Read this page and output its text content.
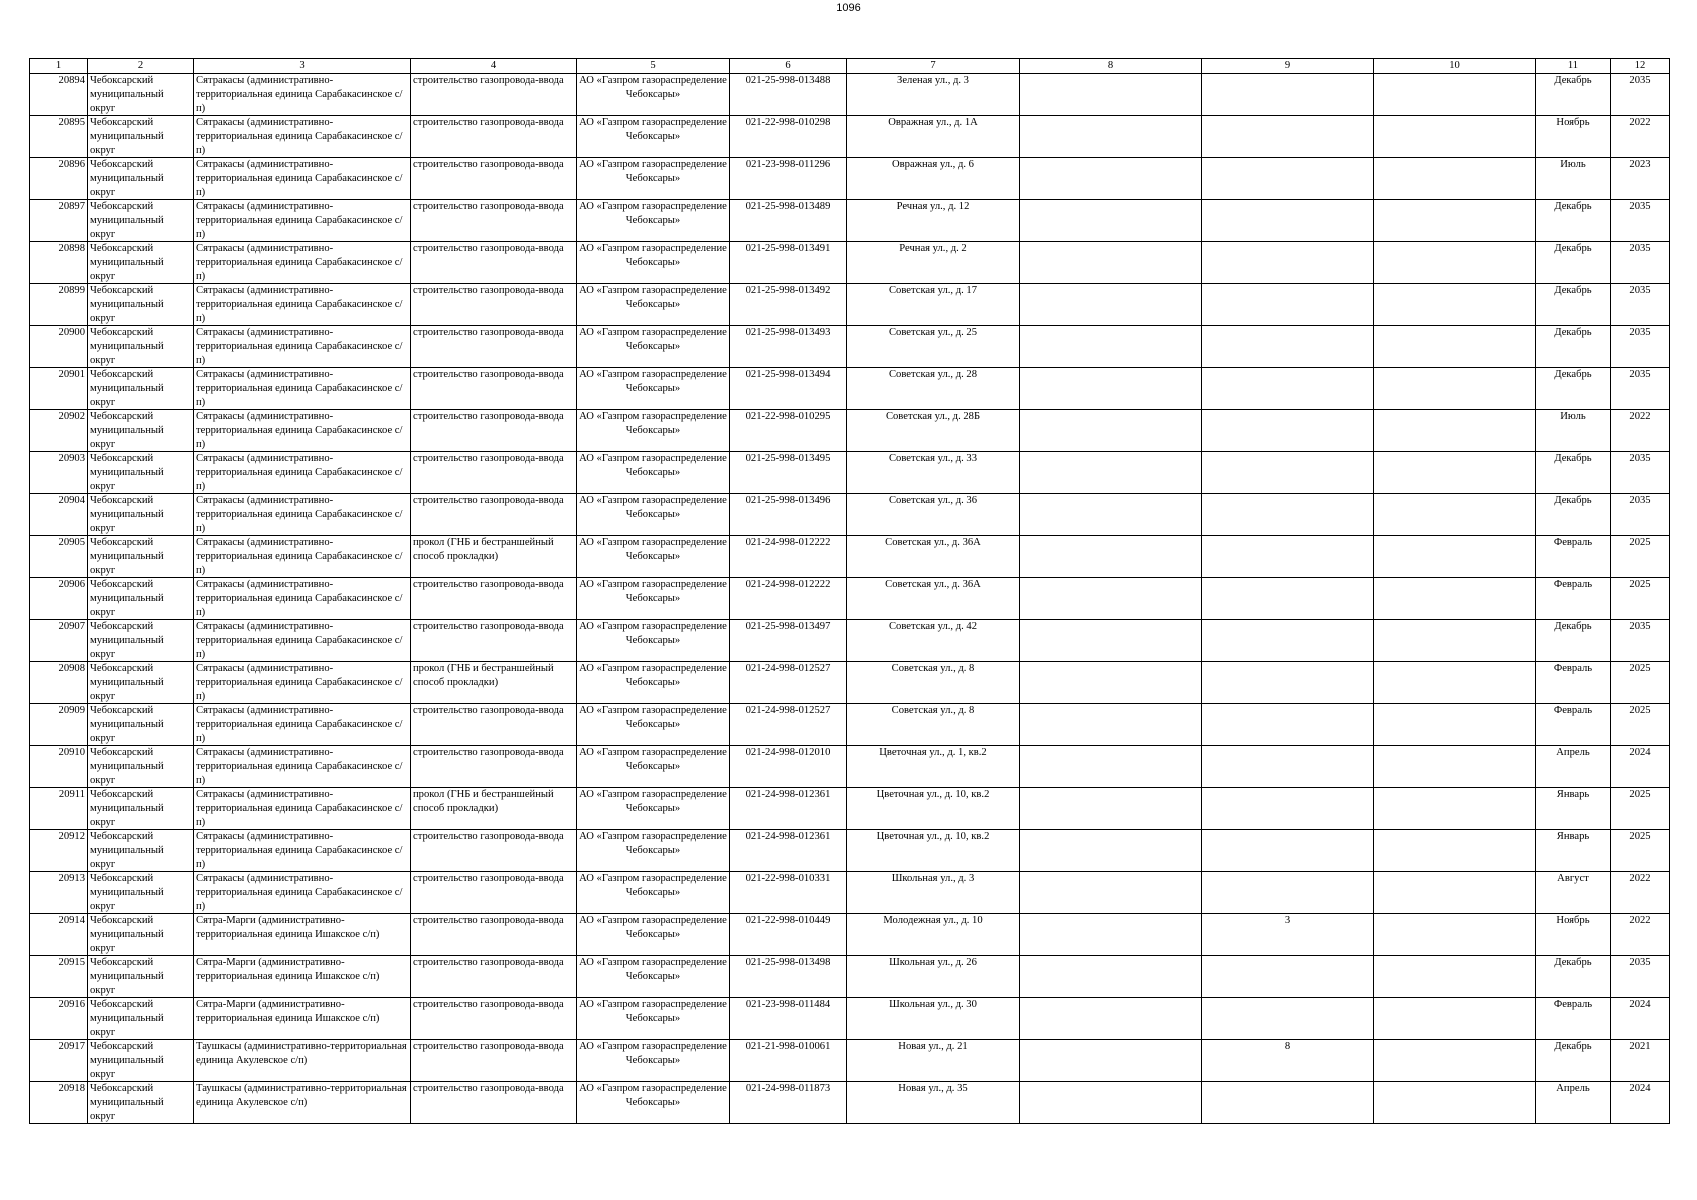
1096
1	2	3	4	5	6	7	8	9	10	11	12

20894	Чебоксарский муниципальный округ	Сятракасы (административно-территориальная единица Сарабакасинское с/п)	строительство газопровода-ввода	АО «Газпром газораспределение Чебоксары»	021-25-998-013488	Зеленая ул., д. 3				Декабрь	2035

20895	Чебоксарский муниципальный округ	Сятракасы (административно-территориальная единица Сарабакасинское с/п)	строительство газопровода-ввода	АО «Газпром газораспределение Чебоксары»	021-22-998-010298	Овражная ул., д. 1А				Ноябрь	2022

20896	Чебоксарский муниципальный округ	Сятракасы (административно-территориальная единица Сарабакасинское с/п)	строительство газопровода-ввода	АО «Газпром газораспределение Чебоксары»	021-23-998-011296	Овражная ул., д. 6				Июль	2023

20897	Чебоксарский муниципальный округ	Сятракасы (административно-территориальная единица Сарабакасинское с/п)	строительство газопровода-ввода	АО «Газпром газораспределение Чебоксары»	021-25-998-013489	Речная ул., д. 12				Декабрь	2035

20898	Чебоксарский муниципальный округ	Сятракасы (административно-территориальная единица Сарабакасинское с/п)	строительство газопровода-ввода	АО «Газпром газораспределение Чебоксары»	021-25-998-013491	Речная ул., д. 2				Декабрь	2035

20899	Чебоксарский муниципальный округ	Сятракасы (административно-территориальная единица Сарабакасинское с/п)	строительство газопровода-ввода	АО «Газпром газораспределение Чебоксары»	021-25-998-013492	Советская ул., д. 17				Декабрь	2035

20900	Чебоксарский муниципальный округ	Сятракасы (административно-территориальная единица Сарабакасинское с/п)	строительство газопровода-ввода	АО «Газпром газораспределение Чебоксары»	021-25-998-013493	Советская ул., д. 25				Декабрь	2035

20901	Чебоксарский муниципальный округ	Сятракасы (административно-территориальная единица Сарабакасинское с/п)	строительство газопровода-ввода	АО «Газпром газораспределение Чебоксары»	021-25-998-013494	Советская ул., д. 28				Декабрь	2035

20902	Чебоксарский муниципальный округ	Сятракасы (административно-территориальная единица Сарабакасинское с/п)	строительство газопровода-ввода	АО «Газпром газораспределение Чебоксары»	021-22-998-010295	Советская ул., д. 28Б				Июль	2022

20903	Чебоксарский муниципальный округ	Сятракасы (административно-территориальная единица Сарабакасинское с/п)	строительство газопровода-ввода	АО «Газпром газораспределение Чебоксары»	021-25-998-013495	Советская ул., д. 33				Декабрь	2035

20904	Чебоксарский муниципальный округ	Сятракасы (административно-территориальная единица Сарабакасинское с/п)	строительство газопровода-ввода	АО «Газпром газораспределение Чебоксары»	021-25-998-013496	Советская ул., д. 36				Декабрь	2035

20905	Чебоксарский муниципальный округ	Сятракасы (административно-территориальная единица Сарабакасинское с/п)	прокол (ГНБ и бестраншейный способ прокладки)	АО «Газпром газораспределение Чебоксары»	021-24-998-012222	Советская ул., д. 36А				Февраль	2025

20906	Чебоксарский муниципальный округ	Сятракасы (административно-территориальная единица Сарабакасинское с/п)	строительство газопровода-ввода	АО «Газпром газораспределение Чебоксары»	021-24-998-012222	Советская ул., д. 36А				Февраль	2025

20907	Чебоксарский муниципальный округ	Сятракасы (административно-территориальная единица Сарабакасинское с/п)	строительство газопровода-ввода	АО «Газпром газораспределение Чебоксары»	021-25-998-013497	Советская ул., д. 42				Декабрь	2035

20908	Чебоксарский муниципальный округ	Сятракасы (административно-территориальная единица Сарабакасинское с/п)	прокол (ГНБ и бестраншейный способ прокладки)	АО «Газпром газораспределение Чебоксары»	021-24-998-012527	Советская ул., д. 8				Февраль	2025

20909	Чебоксарский муниципальный округ	Сятракасы (административно-территориальная единица Сарабакасинское с/п)	строительство газопровода-ввода	АО «Газпром газораспределение Чебоксары»	021-24-998-012527	Советская ул., д. 8				Февраль	2025

20910	Чебоксарский муниципальный округ	Сятракасы (административно-территориальная единица Сарабакасинское с/п)	строительство газопровода-ввода	АО «Газпром газораспределение Чебоксары»	021-24-998-012010	Цветочная ул., д. 1, кв.2				Апрель	2024

20911	Чебоксарский муниципальный округ	Сятракасы (административно-территориальная единица Сарабакасинское с/п)	прокол (ГНБ и бестраншейный способ прокладки)	АО «Газпром газораспределение Чебоксары»	021-24-998-012361	Цветочная ул., д. 10, кв.2				Январь	2025

20912	Чебоксарский муниципальный округ	Сятракасы (административно-территориальная единица Сарабакасинское с/п)	строительство газопровода-ввода	АО «Газпром газораспределение Чебоксары»	021-24-998-012361	Цветочная ул., д. 10, кв.2				Январь	2025

20913	Чебоксарский муниципальный округ	Сятракасы (административно-территориальная единица Сарабакасинское с/п)	строительство газопровода-ввода	АО «Газпром газораспределение Чебоксары»	021-22-998-010331	Школьная ул., д. 3				Август	2022

20914	Чебоксарский муниципальный округ	Сятра-Марги (административно-территориальная единица Ишакское с/п)	строительство газопровода-ввода	АО «Газпром газораспределение Чебоксары»	021-22-998-010449	Молодежная ул., д. 10		3		Ноябрь	2022

20915	Чебоксарский муниципальный округ	Сятра-Марги (административно-территориальная единица Ишакское с/п)	строительство газопровода-ввода	АО «Газпром газораспределение Чебоксары»	021-25-998-013498	Школьная ул., д. 26				Декабрь	2035

20916	Чебоксарский муниципальный округ	Сятра-Марги (административно-территориальная единица Ишакское с/п)	строительство газопровода-ввода	АО «Газпром газораспределение Чебоксары»	021-23-998-011484	Школьная ул., д. 30				Февраль	2024

20917	Чебоксарский муниципальный округ	Таушкасы (административно-территориальная единица Акулевское с/п)	строительство газопровода-ввода	АО «Газпром газораспределение Чебоксары»	021-21-998-010061	Новая ул., д. 21		8		Декабрь	2021

20918	Чебоксарский муниципальный округ	Таушкасы (административно-территориальная единица Акулевское с/п)	строительство газопровода-ввода	АО «Газпром газораспределение Чебоксары»	021-24-998-011873	Новая ул., д. 35				Апрель	2024
